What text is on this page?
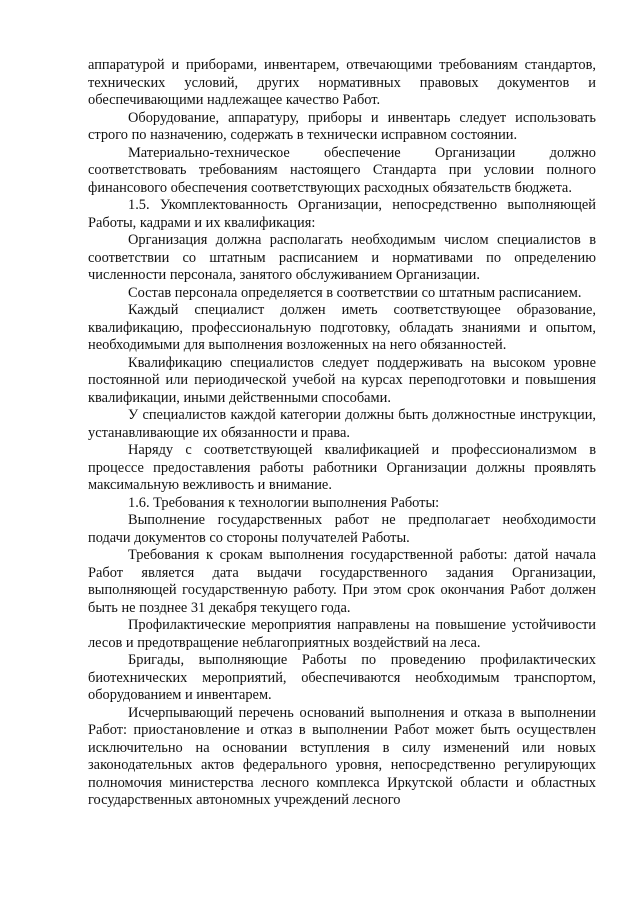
аппаратурой и приборами, инвентарем, отвечающими требованиям стандартов, технических условий, других нормативных правовых документов и обеспечивающими надлежащее качество Работ.

Оборудование, аппаратуру, приборы и инвентарь следует использовать строго по назначению, содержать в технически исправном состоянии.

Материально-техническое обеспечение Организации должно соответствовать требованиям настоящего Стандарта при условии полного финансового обеспечения соответствующих расходных обязательств бюджета.

1.5. Укомплектованность Организации, непосредственно выполняющей Работы, кадрами и их квалификация:

Организация должна располагать необходимым числом специалистов в соответствии со штатным расписанием и нормативами по определению численности персонала, занятого обслуживанием Организации.

Состав персонала определяется в соответствии со штатным расписанием.

Каждый специалист должен иметь соответствующее образование, квалификацию, профессиональную подготовку, обладать знаниями и опытом, необходимыми для выполнения возложенных на него обязанностей.

Квалификацию специалистов следует поддерживать на высоком уровне постоянной или периодической учебой на курсах переподготовки и повышения квалификации, иными действенными способами.

У специалистов каждой категории должны быть должностные инструкции, устанавливающие их обязанности и права.

Наряду с соответствующей квалификацией и профессионализмом в процессе предоставления работы работники Организации должны проявлять максимальную вежливость и внимание.

1.6. Требования к технологии выполнения Работы:

Выполнение государственных работ не предполагает необходимости подачи документов со стороны получателей Работы.

Требования к срокам выполнения государственной работы: датой начала Работ является дата выдачи государственного задания Организации, выполняющей государственную работу. При этом срок окончания Работ должен быть не позднее 31 декабря текущего года.

Профилактические мероприятия направлены на повышение устойчивости лесов и предотвращение неблагоприятных воздействий на леса.

Бригады, выполняющие Работы по проведению профилактических биотехнических мероприятий, обеспечиваются необходимым транспортом, оборудованием и инвентарем.

Исчерпывающий перечень оснований выполнения и отказа в выполнении Работ: приостановление и отказ в выполнении Работ может быть осуществлен исключительно на основании вступления в силу изменений или новых законодательных актов федерального уровня, непосредственно регулирующих полномочия министерства лесного комплекса Иркутской области и областных государственных автономных учреждений лесного
